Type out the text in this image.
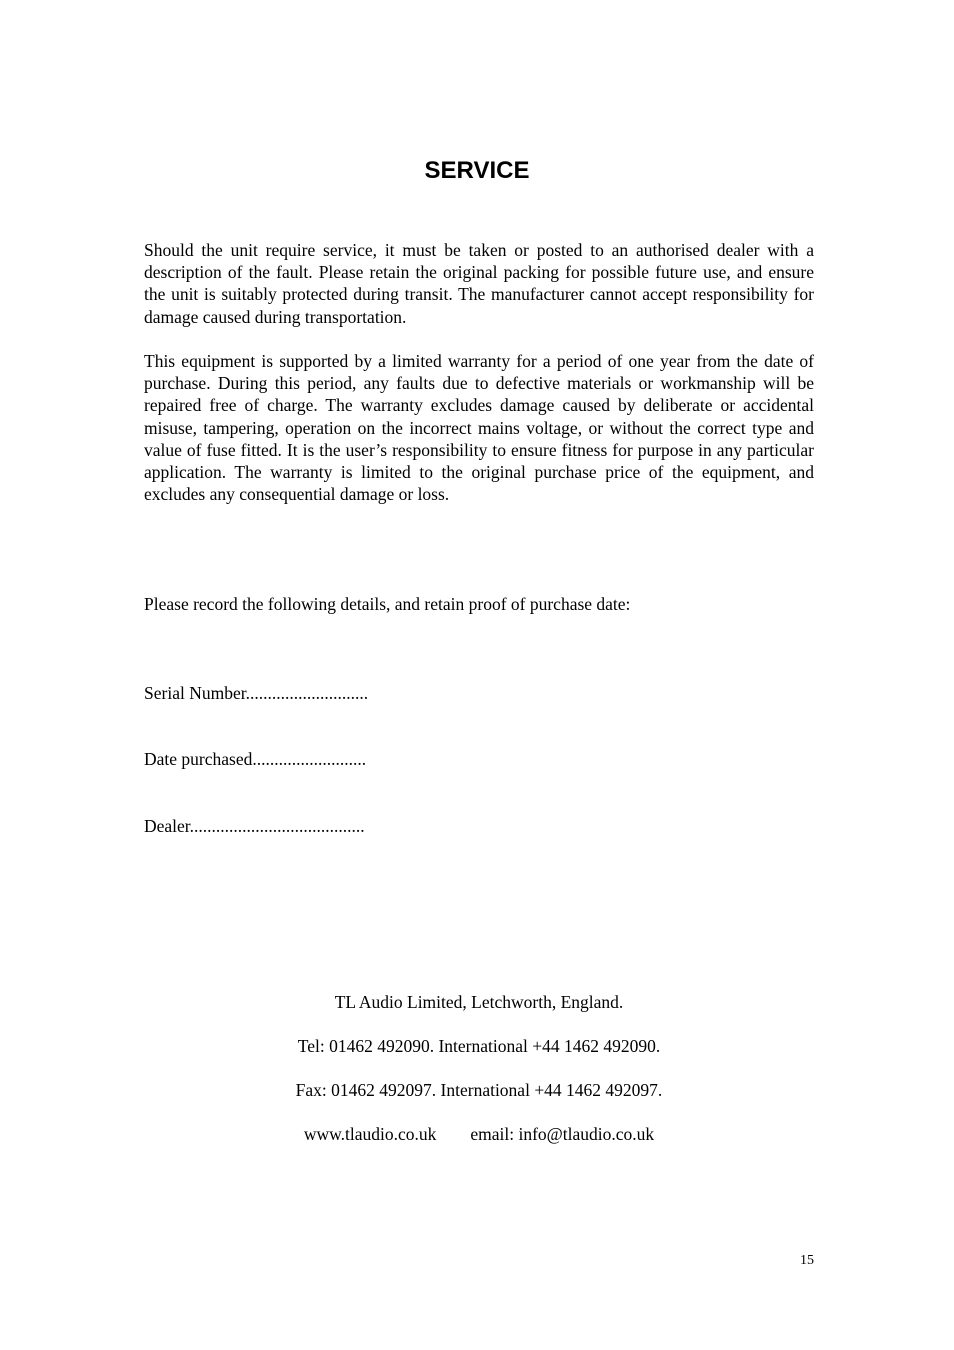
SERVICE

Should the unit require service, it must be taken or posted to an authorised dealer with a description of the fault. Please retain the original packing for possible future use, and ensure the unit is suitably protected during transit. The manufacturer cannot accept responsibility for damage caused during transportation.

This equipment is supported by a limited warranty for a period of one year from the date of purchase. During this period, any faults due to defective materials or workmanship will be repaired free of charge. The warranty excludes damage caused by deliberate or accidental misuse, tampering, operation on the incorrect mains voltage, or without the correct type and value of fuse fitted. It is the user’s responsibility to ensure fitness for purpose in any particular application. The warranty is limited to the original purchase price of the equipment, and excludes any consequential damage or loss.

Please record the following details, and retain proof of purchase date:

Serial Number............................

Date purchased..........................

Dealer........................................

TL Audio Limited, Letchworth, England.

Tel: 01462 492090. International +44 1462 492090.

Fax: 01462 492097. International +44 1462 492097.

www.tlaudio.co.uk email: info@tlaudio.co.uk

15
